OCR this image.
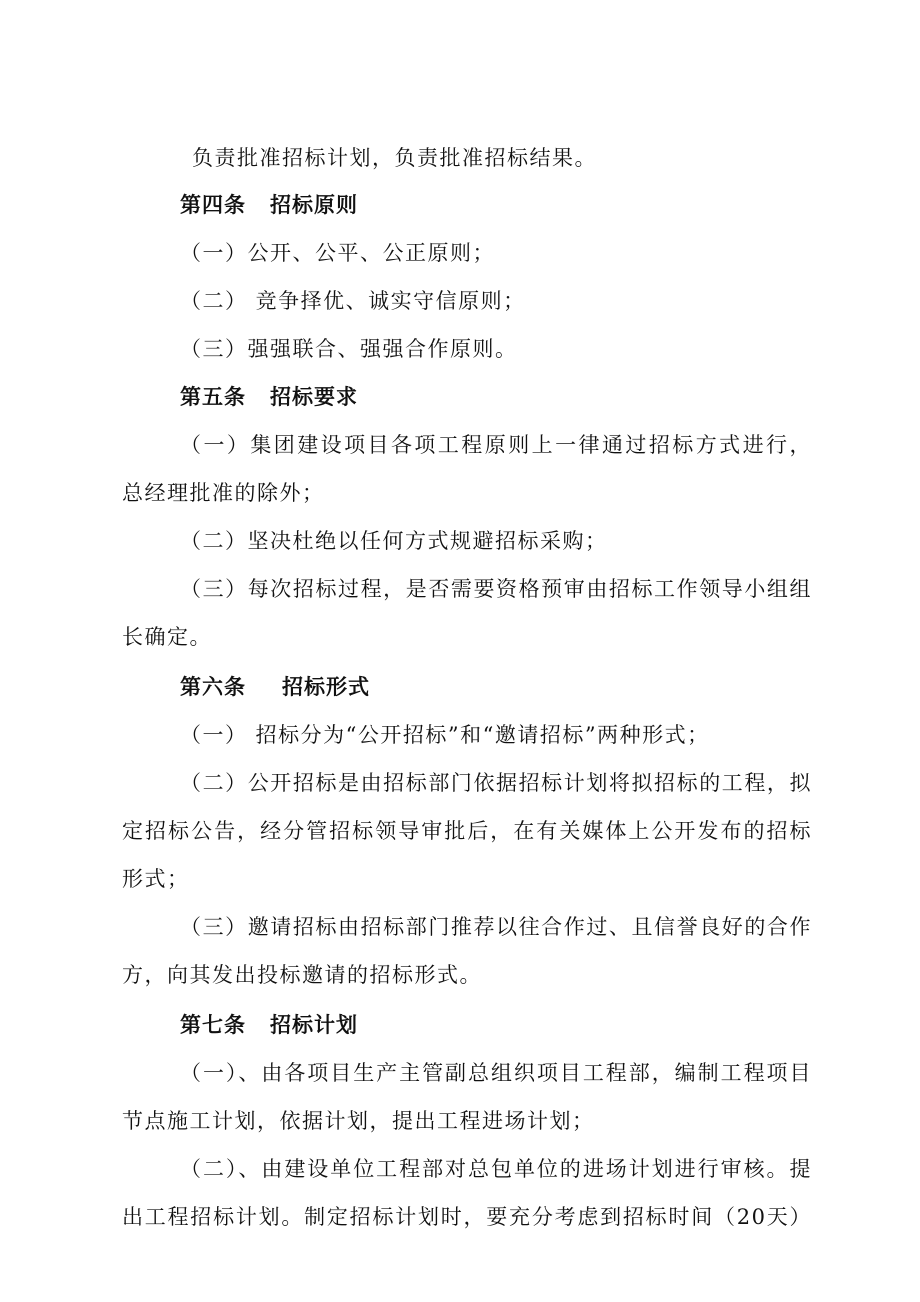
负责批准招标计划，负责批准招标结果。
第四条 招标原则
（一）公开、公平、公正原则；
（二） 竞争择优、诚实守信原则；
（三）强强联合、强强合作原则。
第五条 招标要求
（一）集团建设项目各项工程原则上一律通过招标方式进行，
总经理批准的除外；
（二）坚决杜绝以任何方式规避招标采购；
（三）每次招标过程，是否需要资格预审由招标工作领导小组组
长确定。
第六条 招标形式
（一） 招标分为“公开招标”和“邀请招标”两种形式；
（二）公开招标是由招标部门依据招标计划将拟招标的工程，拟
定招标公告，经分管招标领导审批后，在有关媒体上公开发布的招标
形式；
（三）邀请招标由招标部门推荐以往合作过、且信誉良好的合作
方，向其发出投标邀请的招标形式。
第七条 招标计划
（一）、由各项目生产主管副总组织项目工程部，编制工程项目
节点施工计划，依据计划，提出工程进场计划；
（二）、由建设单位工程部对总包单位的进场计划进行审核。提
出工程招标计划。制定招标计划时，要充分考虑到招标时间（20天）
